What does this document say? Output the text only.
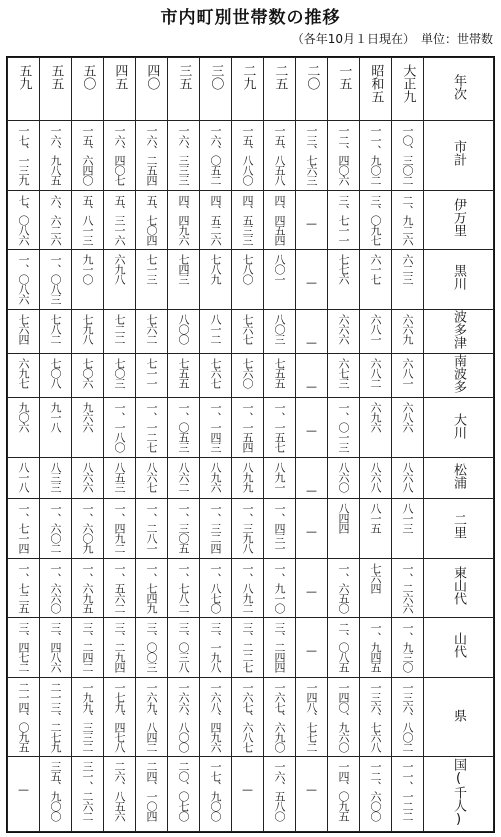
市内町別世帯数の推移
（各年10月１日現在）　単位：世帯数
五九	五五	五〇	四五	四〇	三五	三〇	二九	二五	二〇	一五	昭和五	大正九	年次
一七、一三九	一六、九八五	一五、六四〇	一六、四〇七	一六、二五四	一六、三三三	一六、〇五二	一五、八八〇	一五、八五八	一三、七六三	一二、四〇六	一一、九〇二	一〇、三〇二	市計
七、〇八六	六、六二六	五、八一三	五、三一六	五、七〇四	四、四九六	四、五二六	四、五三三	四、四五四	—	三、七一一	三、〇九七	二、九二六	伊万里
一、〇八六	一、〇八三	九一〇	六九八	七一三	七四三	七八九	七八〇	八〇一	—	七七六	六一七	六二三	黒川
七六四	七八二	七九八	七二二	七六二	八〇〇	八一二	七六七	八〇三	—	六六六	六八一	六六九	波多津
六九七	七〇八	七〇六	七〇三	七一一	七五五	七六七	七六〇	七五五	—	六七三	六八二	六八一	南波多
九〇六	九一八	九六六	一、一八〇	一、一二七	一、〇五三	一、一四三	一、一五四	一、一五七	—	一、〇一三	六九六	六八六	大川
八一八	八三三	八六六	八五三	八六七	八六二	八九六	八九九	八九一	—	八六〇	八六八	八六八	松浦
一、七一四	一、六〇二	一、六〇九	一、四九二	一、二八一	一、三〇五	一、三二四	一、三九八	一、四三一	—	八四四	八一五	八一三	二里
一、七二五	一、六六〇	一、六九五	一、五六二	一、七四九	一、七八二	一、八七〇	一、八九二	一、九一〇	—	一、六五〇	七六四	一、二六六	東山代
三、四七二	三、四八六	三、二四二	三、二九四	三、〇〇三	三、〇三八	三、一九八	三、二二七	三、二四四	—	二、〇八五	一、九四五	一、九三〇	山代
二一四、〇九五	二一三、二七九	一九九、三三二	一七九、四七八	一六九、八四二	一六六、八〇〇	一六八、四九六	一六七、六八七	一六七、六九〇	一四八、七七二	一四〇、九六〇	一三六、七六八	一三六、八〇二	県
—	三五、九〇〇	三一、二六二	二六、八五六	二四、一〇四	二〇、〇七〇	一七、九〇〇	—	一六、五八〇	—	一四、〇九五	一二、六〇〇	一一、一二二	国(千人)
